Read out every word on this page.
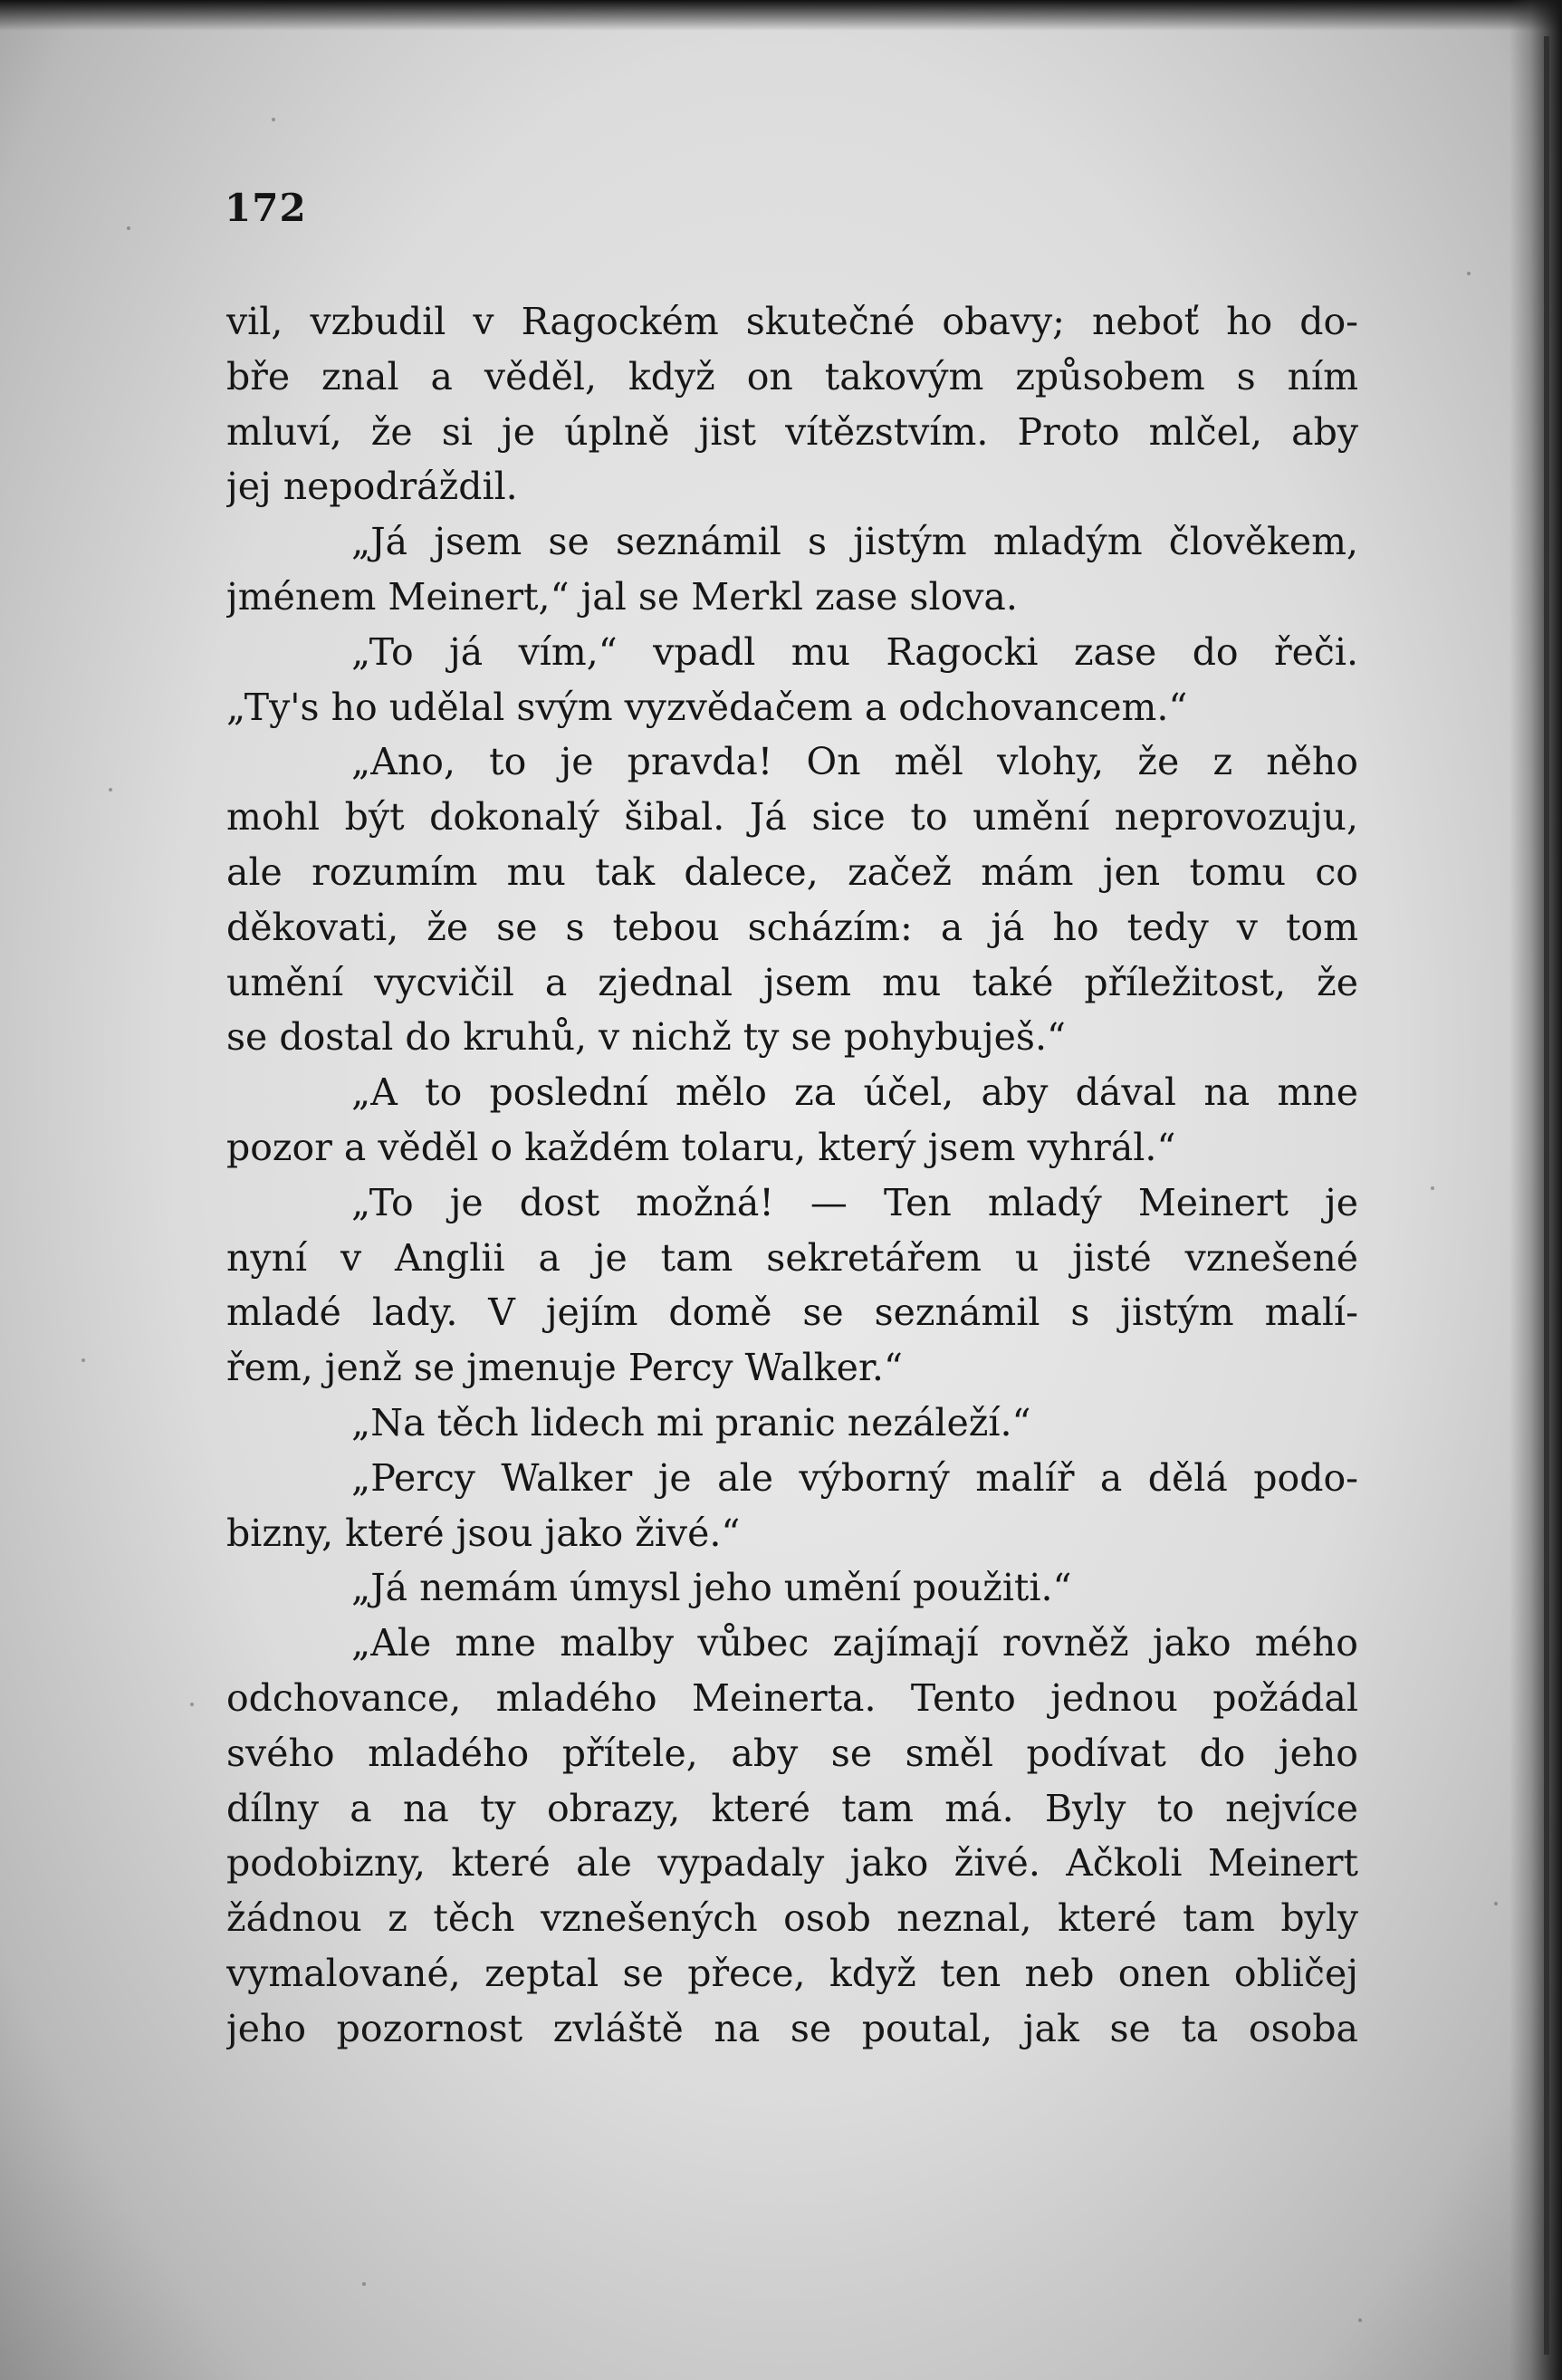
172
vil, vzbudil v Ragockém skutečné obavy; neboť ho do-
bře znal a věděl, když on takovým způsobem s ním
mluví, že si je úplně jist vítězstvím. Proto mlčel, aby
jej nepodráždil.
„Já jsem se seznámil s jistým mladým člověkem,
jménem Meinert,“ jal se Merkl zase slova.
„To já vím,“ vpadl mu Ragocki zase do řeči.
„Ty's ho udělal svým vyzvědačem a odchovancem.“
„Ano, to je pravda! On měl vlohy, že z něho
mohl být dokonalý šibal. Já sice to umění neprovozuju,
ale rozumím mu tak dalece, začež mám jen tomu co
děkovati, že se s tebou scházím: a já ho tedy v tom
umění vycvičil a zjednal jsem mu také příležitost, že
se dostal do kruhů, v nichž ty se pohybuješ.“
„A to poslední mělo za účel, aby dával na mne
pozor a věděl o každém tolaru, který jsem vyhrál.“
„To je dost možná! — Ten mladý Meinert je
nyní v Anglii a je tam sekretářem u jisté vznešené
mladé lady. V jejím domě se seznámil s jistým malí-
řem, jenž se jmenuje Percy Walker.“
„Na těch lidech mi pranic nezáleží.“
„Percy Walker je ale výborný malíř a dělá podo-
bizny, které jsou jako živé.“
„Já nemám úmysl jeho umění použiti.“
„Ale mne malby vůbec zajímají rovněž jako mého
odchovance, mladého Meinerta. Tento jednou požádal
svého mladého přítele, aby se směl podívat do jeho
dílny a na ty obrazy, které tam má. Byly to nejvíce
podobizny, které ale vypadaly jako živé. Ačkoli Meinert
žádnou z těch vznešených osob neznal, které tam byly
vymalované, zeptal se přece, když ten neb onen obličej
jeho pozornost zvláště na se poutal, jak se ta osoba
